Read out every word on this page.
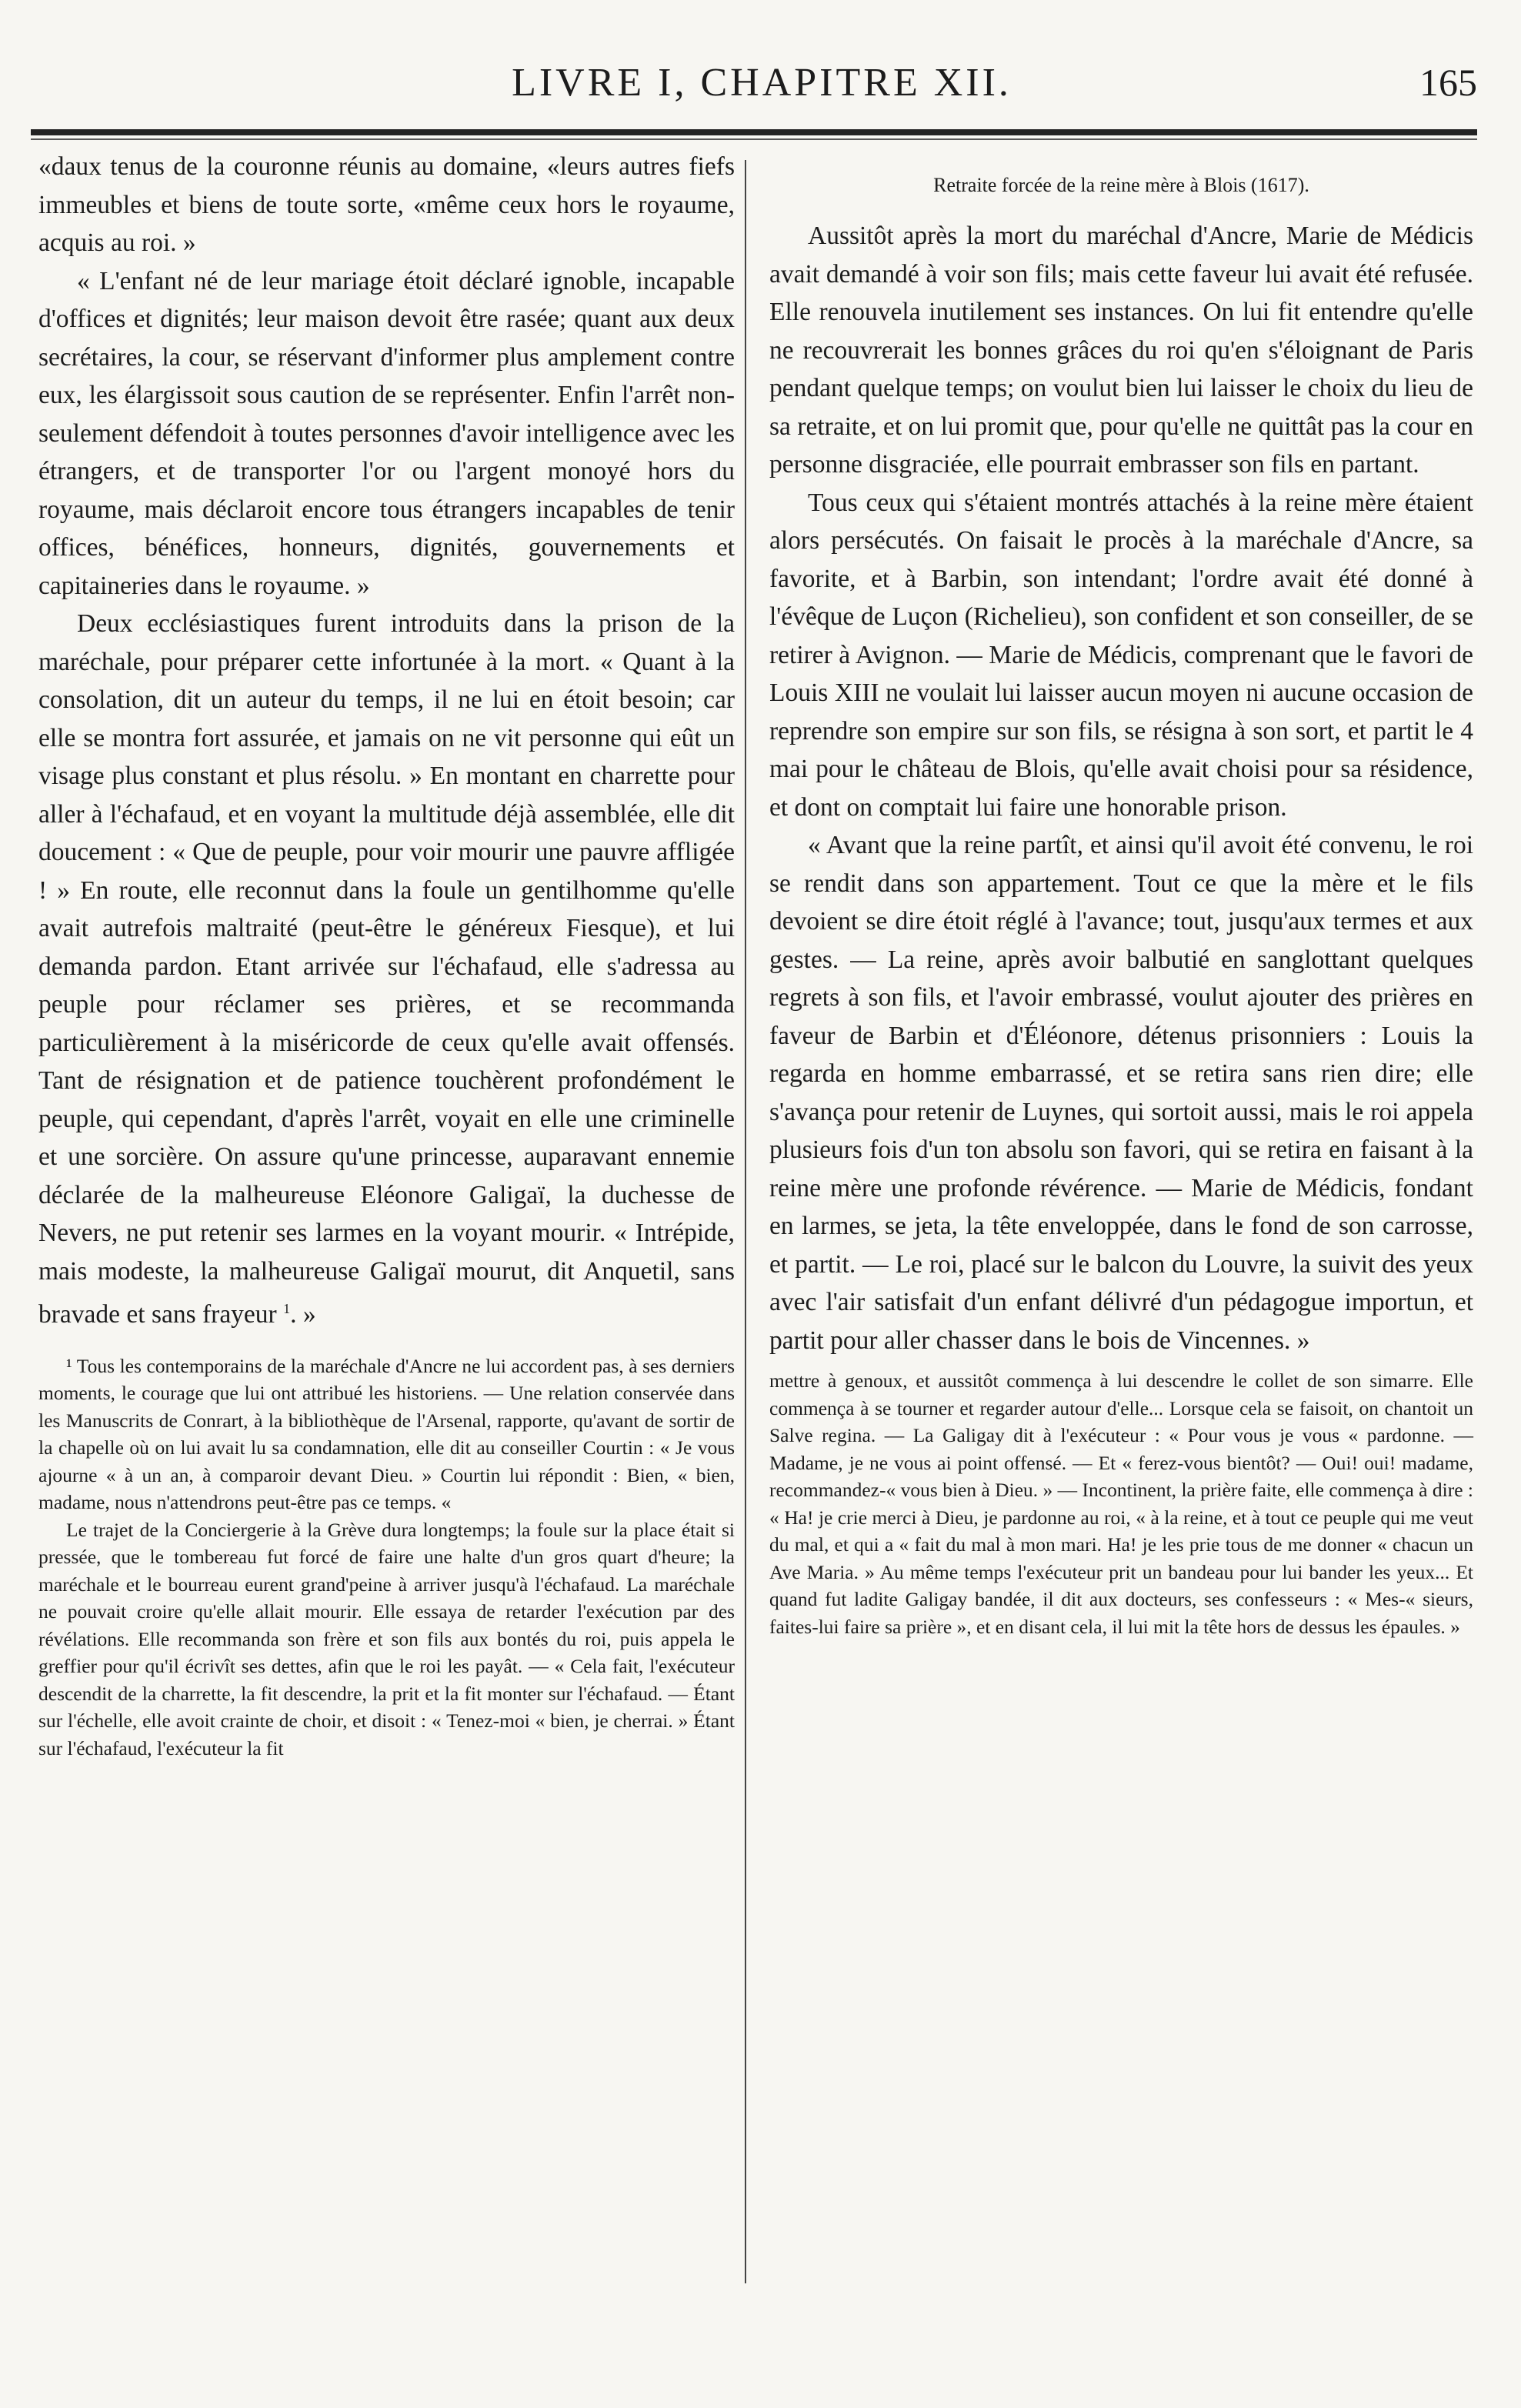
LIVRE I, CHAPITRE XII.	165

«daux tenus de la couronne réunis au domaine, «leurs autres fiefs immeubles et biens de toute sorte, «même ceux hors le royaume, acquis au roi. »

« L'enfant né de leur mariage étoit déclaré ignoble, incapable d'offices et dignités; leur maison devoit être rasée; quant aux deux secrétaires, la cour, se réservant d'informer plus amplement contre eux, les élargissoit sous caution de se représenter. Enfin l'arrêt non-seulement défendoit à toutes personnes d'avoir intelligence avec les étrangers, et de transporter l'or ou l'argent monoyé hors du royaume, mais déclaroit encore tous étrangers incapables de tenir offices, bénéfices, honneurs, dignités, gouvernements et capitaineries dans le royaume. »

Deux ecclésiastiques furent introduits dans la prison de la maréchale, pour préparer cette infortunée à la mort. « Quant à la consolation, dit un auteur du temps, il ne lui en étoit besoin; car elle se montra fort assurée, et jamais on ne vit personne qui eût un visage plus constant et plus résolu. » En montant en charrette pour aller à l'échafaud, et en voyant la multitude déjà assemblée, elle dit doucement : « Que de peuple, pour voir mourir une pauvre affligée ! » En route, elle reconnut dans la foule un gentilhomme qu'elle avait autrefois maltraité (peut-être le généreux Fiesque), et lui demanda pardon. Etant arrivée sur l'échafaud, elle s'adressa au peuple pour réclamer ses prières, et se recommanda particulièrement à la miséricorde de ceux qu'elle avait offensés. Tant de résignation et de patience touchèrent profondément le peuple, qui cependant, d'après l'arrêt, voyait en elle une criminelle et une sorcière. On assure qu'une princesse, auparavant ennemie déclarée de la malheureuse Eléonore Galigaï, la duchesse de Nevers, ne put retenir ses larmes en la voyant mourir. « Intrépide, mais modeste, la malheureuse Galigaï mourut, dit Anquetil, sans bravade et sans frayeur $^1$. »

¹ Tous les contemporains de la maréchale d'Ancre ne lui accordent pas, à ses derniers moments, le courage que lui ont attribué les historiens. — Une relation conservée dans les Manuscrits de Conrart, à la bibliothèque de l'Arsenal, rapporte, qu'avant de sortir de la chapelle où on lui avait lu sa condamnation, elle dit au conseiller Courtin : « Je vous ajourne « à un an, à comparoir devant Dieu. » Courtin lui répondit : Bien, « bien, madame, nous n'attendrons peut-être pas ce temps. «

Le trajet de la Conciergerie à la Grève dura longtemps; la foule sur la place était si pressée, que le tombereau fut forcé de faire une halte d'un gros quart d'heure; la maréchale et le bourreau eurent grand'peine à arriver jusqu'à l'échafaud. La maréchale ne pouvait croire qu'elle allait mourir. Elle essaya de retarder l'exécution par des révélations. Elle recommanda son frère et son fils aux bontés du roi, puis appela le greffier pour qu'il écrivît ses dettes, afin que le roi les payât. — « Cela fait, l'exécuteur descendit de la charrette, la fit descendre, la prit et la fit monter sur l'échafaud. — Étant sur l'échelle, elle avoit crainte de choir, et disoit : « Tenez-moi « bien, je cherrai. » Étant sur l'échafaud, l'exécuteur la fit

Retraite forcée de la reine mère à Blois (1617).

Aussitôt après la mort du maréchal d'Ancre, Marie de Médicis avait demandé à voir son fils; mais cette faveur lui avait été refusée. Elle renouvela inutilement ses instances. On lui fit entendre qu'elle ne recouvrerait les bonnes grâces du roi qu'en s'éloignant de Paris pendant quelque temps; on voulut bien lui laisser le choix du lieu de sa retraite, et on lui promit que, pour qu'elle ne quittât pas la cour en personne disgraciée, elle pourrait embrasser son fils en partant.

Tous ceux qui s'étaient montrés attachés à la reine mère étaient alors persécutés. On faisait le procès à la maréchale d'Ancre, sa favorite, et à Barbin, son intendant; l'ordre avait été donné à l'évêque de Luçon (Richelieu), son confident et son conseiller, de se retirer à Avignon. — Marie de Médicis, comprenant que le favori de Louis XIII ne voulait lui laisser aucun moyen ni aucune occasion de reprendre son empire sur son fils, se résigna à son sort, et partit le 4 mai pour le château de Blois, qu'elle avait choisi pour sa résidence, et dont on comptait lui faire une honorable prison.

« Avant que la reine partît, et ainsi qu'il avoit été convenu, le roi se rendit dans son appartement. Tout ce que la mère et le fils devoient se dire étoit réglé à l'avance; tout, jusqu'aux termes et aux gestes. — La reine, après avoir balbutié en sanglottant quelques regrets à son fils, et l'avoir embrassé, voulut ajouter des prières en faveur de Barbin et d'Éléonore, détenus prisonniers : Louis la regarda en homme embarrassé, et se retira sans rien dire; elle s'avança pour retenir de Luynes, qui sortoit aussi, mais le roi appela plusieurs fois d'un ton absolu son favori, qui se retira en faisant à la reine mère une profonde révérence. — Marie de Médicis, fondant en larmes, se jeta, la tête enveloppée, dans le fond de son carrosse, et partit. — Le roi, placé sur le balcon du Louvre, la suivit des yeux avec l'air satisfait d'un enfant délivré d'un pédagogue importun, et partit pour aller chasser dans le bois de Vincennes. »

mettre à genoux, et aussitôt commença à lui descendre le collet de son simarre. Elle commença à se tourner et regarder autour d'elle... Lorsque cela se faisoit, on chantoit un Salve regina. — La Galigay dit à l'exécuteur : « Pour vous je vous « pardonne. — Madame, je ne vous ai point offensé. — Et « ferez-vous bientôt? — Oui! oui! madame, recommandez-« vous bien à Dieu. » — Incontinent, la prière faite, elle commença à dire : « Ha! je crie merci à Dieu, je pardonne au roi, « à la reine, et à tout ce peuple qui me veut du mal, et qui a « fait du mal à mon mari. Ha! je les prie tous de me donner « chacun un Ave Maria. » Au même temps l'exécuteur prit un bandeau pour lui bander les yeux... Et quand fut ladite Galigay bandée, il dit aux docteurs, ses confesseurs : « Mes-« sieurs, faites-lui faire sa prière », et en disant cela, il lui mit la tête hors de dessus les épaules. »
